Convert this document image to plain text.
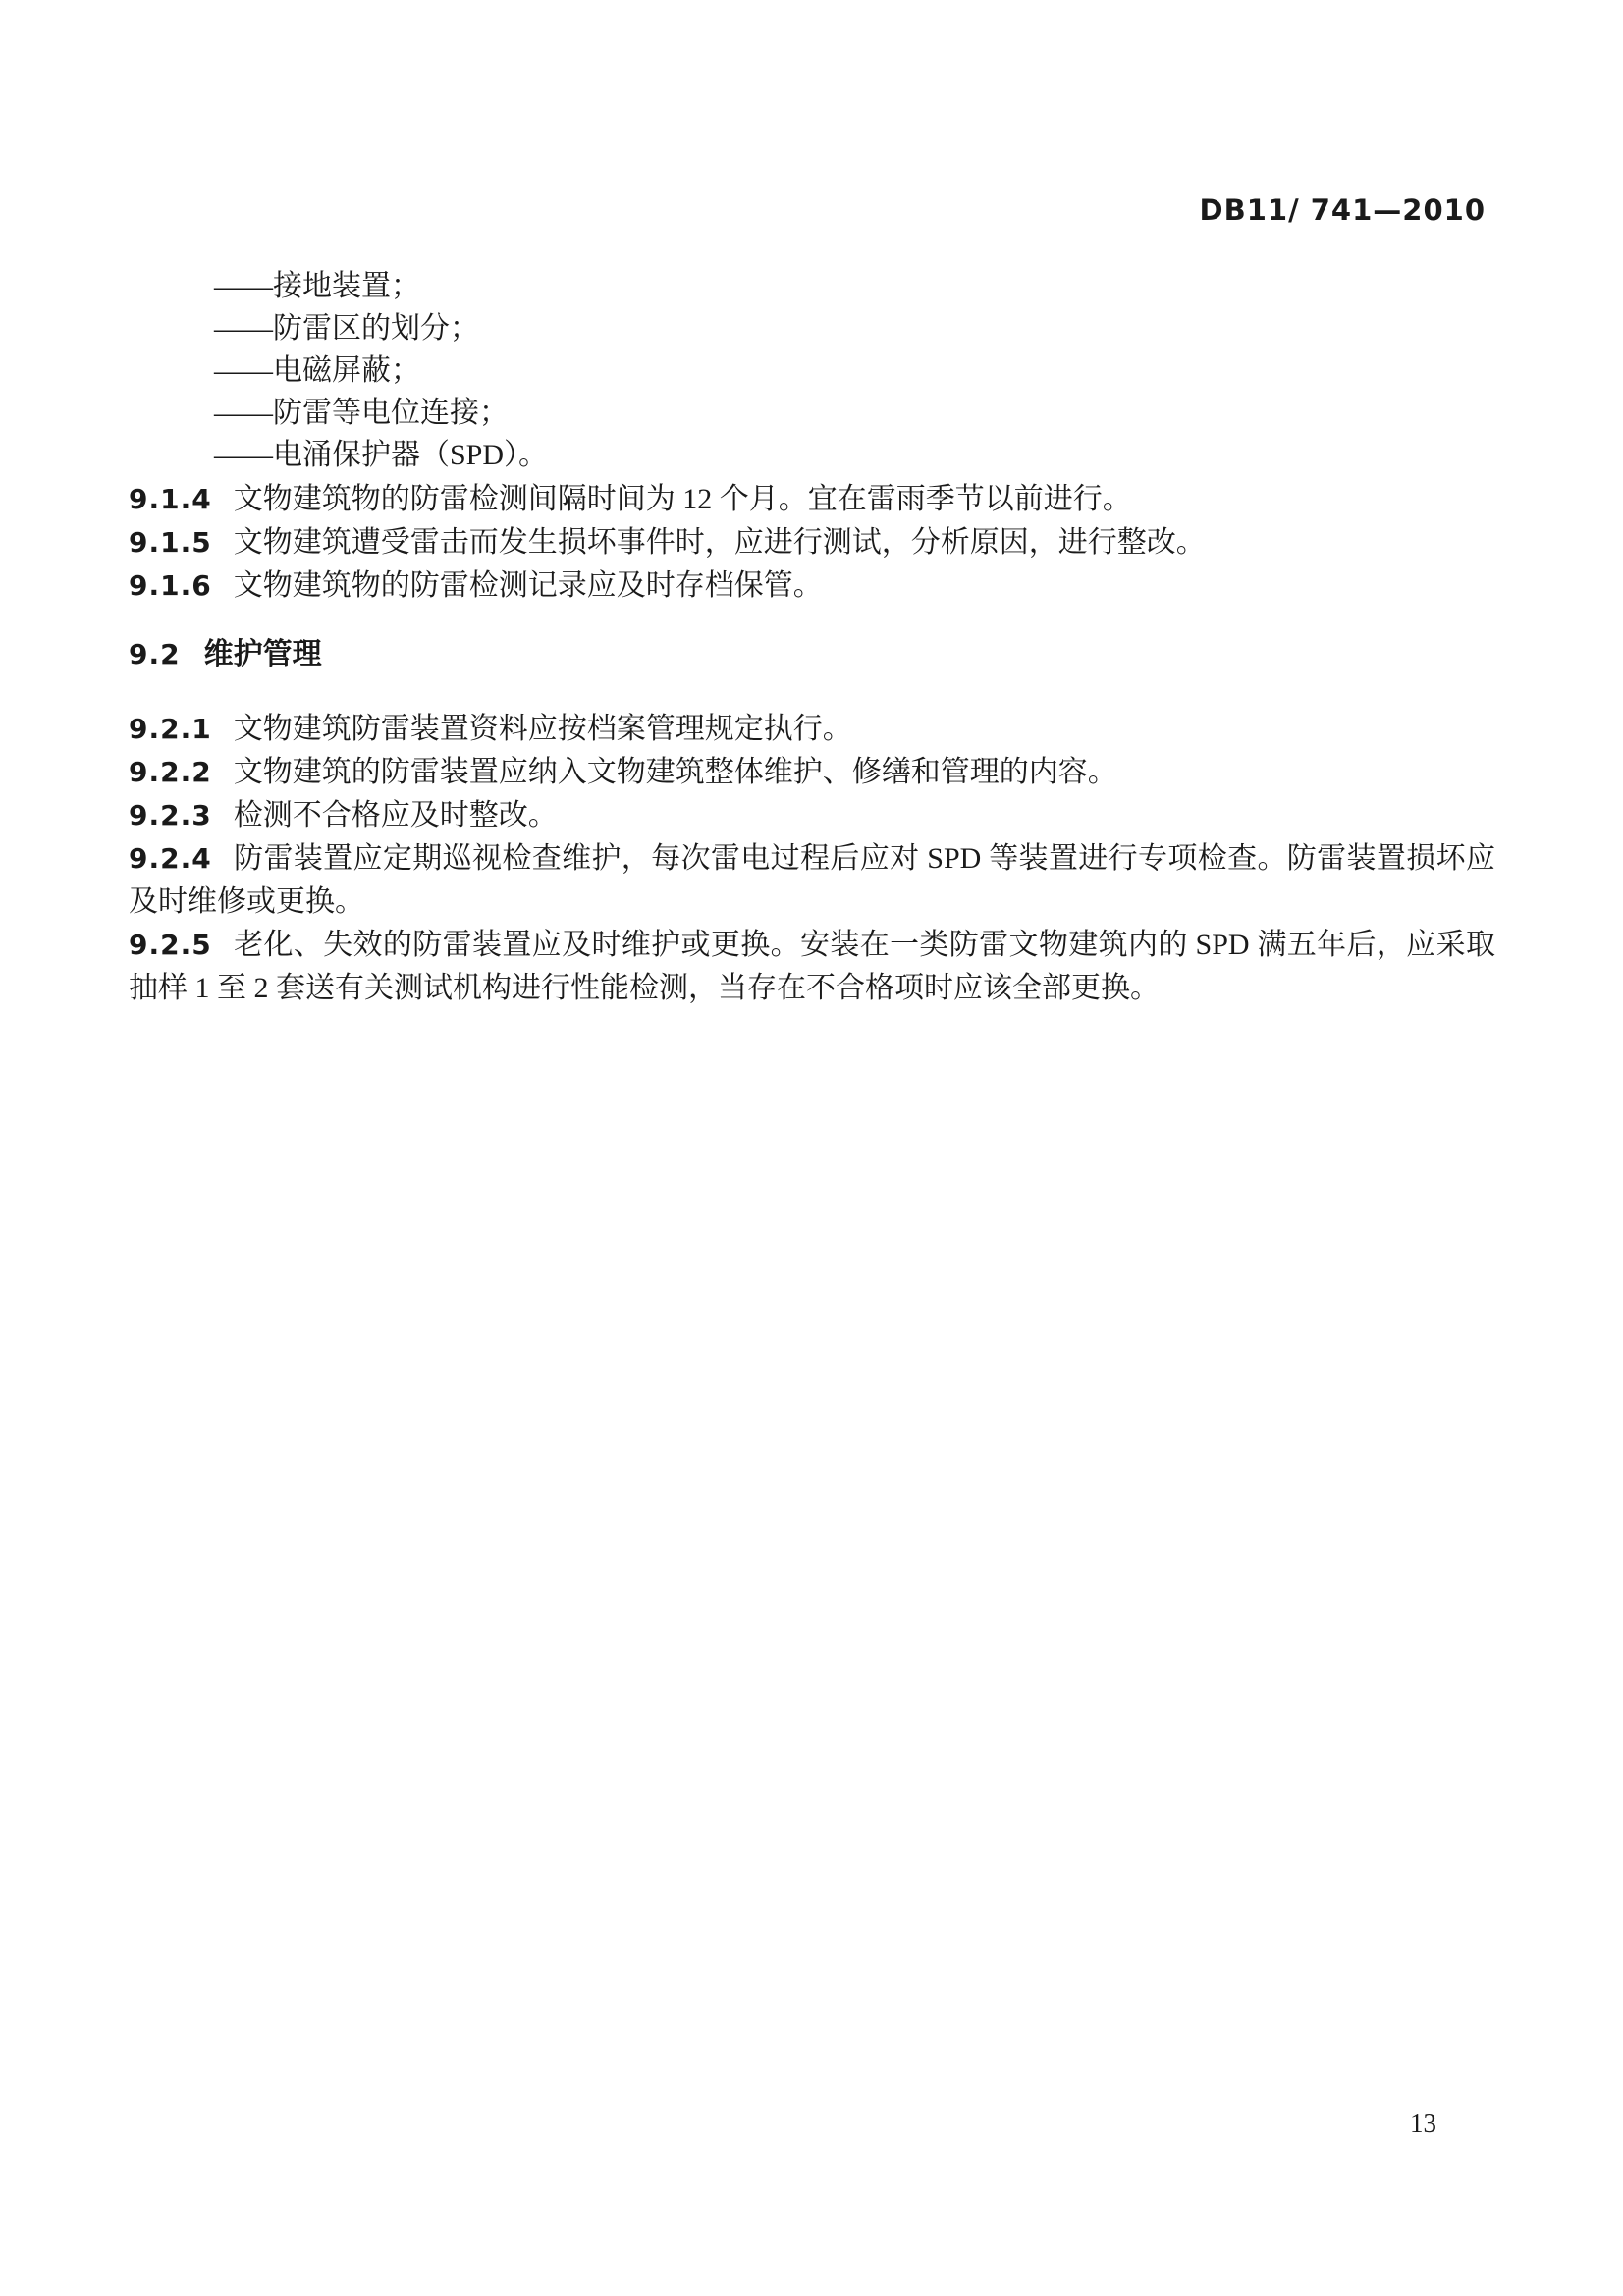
DB11/ 741—2010
——接地装置；
——防雷区的划分；
——电磁屏蔽；
——防雷等电位连接；
——电涌保护器（SPD）。

9.1.4 文物建筑物的防雷检测间隔时间为 12 个月。宜在雷雨季节以前进行。

9.1.5 文物建筑遭受雷击而发生损坏事件时，应进行测试，分析原因，进行整改。

9.1.6 文物建筑物的防雷检测记录应及时存档保管。

9.2 维护管理

9.2.1 文物建筑防雷装置资料应按档案管理规定执行。

9.2.2 文物建筑的防雷装置应纳入文物建筑整体维护、修缮和管理的内容。

9.2.3 检测不合格应及时整改。

9.2.4 防雷装置应定期巡视检查维护，每次雷电过程后应对 SPD 等装置进行专项检查。防雷装置损坏应及时维修或更换。

9.2.5 老化、失效的防雷装置应及时维护或更换。安装在一类防雷文物建筑内的 SPD 满五年后，应采取抽样 1 至 2 套送有关测试机构进行性能检测，当存在不合格项时应该全部更换。

13
